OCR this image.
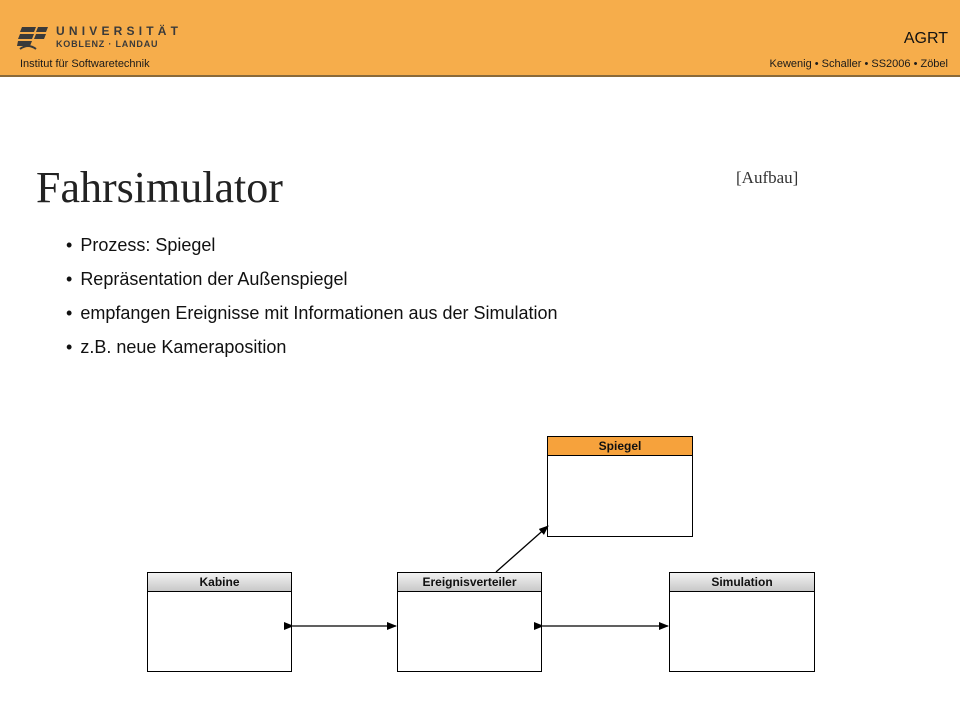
UNIVERSITÄT
KOBLENZ · LANDAU
Institut für Softwaretechnik
AGRT
Kewenig • Schaller • SS2006 • Zöbel
Fahrsimulator	[Aufbau]
• Prozess: Spiegel
• Repräsentation der Außenspiegel
• empfangen Ereignisse mit Informationen aus der Simulation
• z.B. neue Kameraposition
Spiegel
Kabine	Ereignisverteiler	Simulation
